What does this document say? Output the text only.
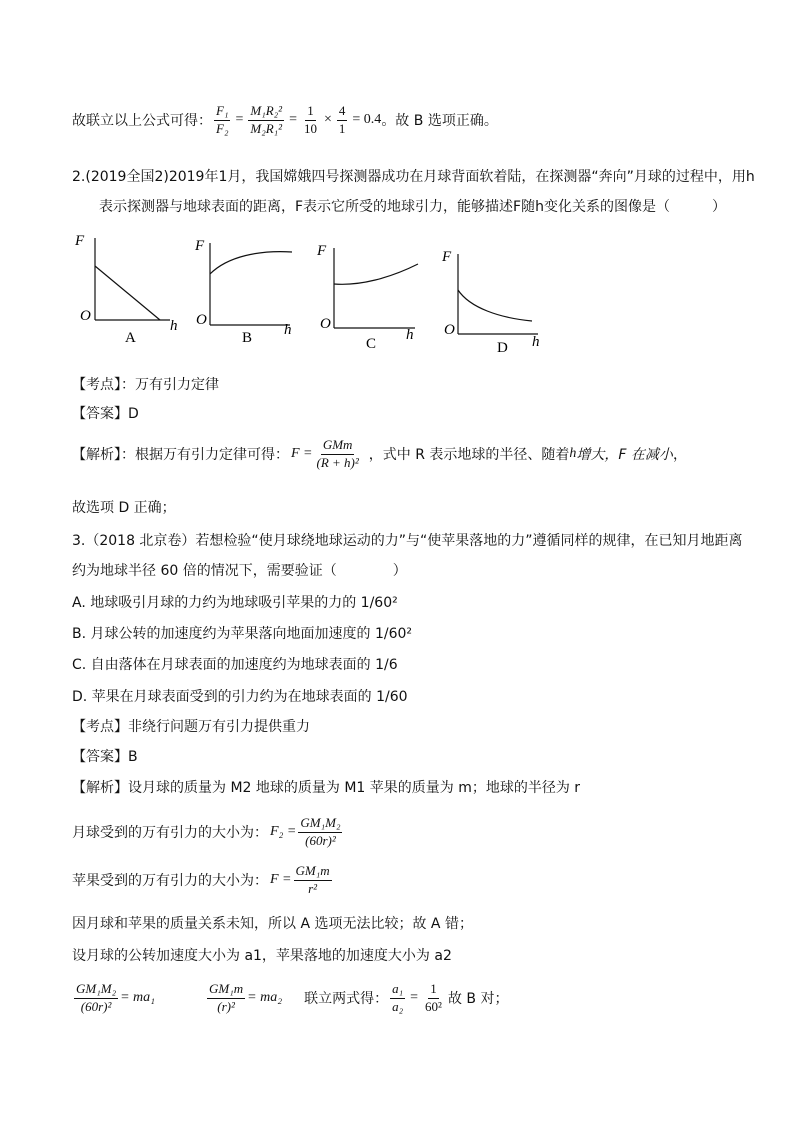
故联立以上公式可得： $\frac{\text{F₁}}{\text{F₂}} = \frac{\text{M₁R₂²}}{\text{M₂R₁²}} = \frac{1}{10} \times \frac{4}{1} = 0.4$ 。故 B 选项正确。
2.(2019全国2)2019年1月，我国嫦娥四号探测器成功在月球背面软着陆，在探测器“奔向”月球的过程中，用h
表示探测器与地球表面的距离，F表示它所受的地球引力，能够描述F随h变化关系的图像是（　　　）
F
O
h
A
F
O
h
B
F
O
h
C
F
O
h
D
【考点】：万有引力定律
【答案】D
【解析】：根据万有引力定律可得： $F = \frac{\text{GMm}}{\text{(R + h)²}}$ ，式中 R 表示地球的半径、随着 h 增大， F 在减小 ，
故选项 D 正确；
3.（2018 北京卷）若想检验“使月球绕地球运动的力”与“使苹果落地的力”遵循同样的规律，在已知月地距离
约为地球半径 60 倍的情况下，需要验证（　　　　）
A. 地球吸引月球的力约为地球吸引苹果的力的 1/60²
B. 月球公转的加速度约为苹果落向地面加速度的 1/60²
C. 自由落体在月球表面的加速度约为地球表面的 1/6
D. 苹果在月球表面受到的引力约为在地球表面的 1/60
【考点】非绕行问题万有引力提供重力
【答案】B
【解析】设月球的质量为 M2 地球的质量为 M1 苹果的质量为 m；地球的半径为 r
月球受到的万有引力的大小为： $F_2 = \frac{\text{GM₁M₂}}{\text{(60r)²}}$
苹果受到的万有引力的大小为： $F = \frac{\text{GM₁m}}{\text{r²}}$
因月球和苹果的质量关系未知，所以 A 选项无法比较；故 A 错；
设月球的公转加速度大小为 a1，苹果落地的加速度大小为 a2
$\frac{\text{GM₁M₂}}{\text{(60r)²}} = ma_1$	$\frac{\text{GM₁m}}{\text{(r)²}} = ma_2$ 联立两式得： $\frac{\text{a₁}}{\text{a₂}} = \frac{1}{\text{60²}}$ 故 B 对；
